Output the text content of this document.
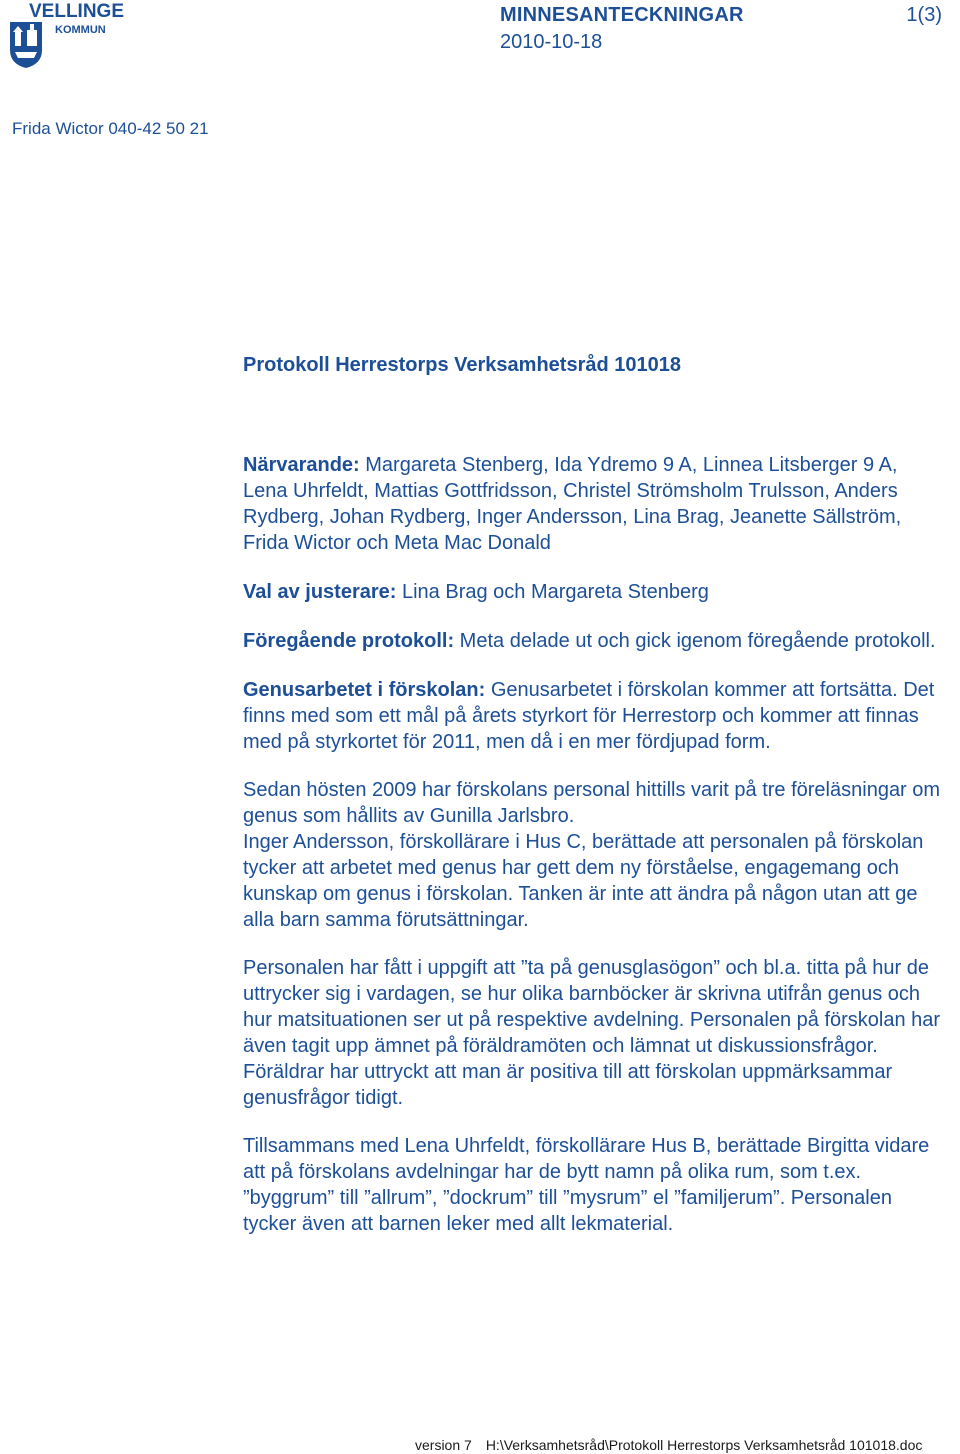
VELLINGE
KOMMUN
MINNESANTECKNINGAR	1(3)
2010-10-18
Frida Wictor 040-42 50 21
Protokoll Herrestorps Verksamhetsråd 101018

Närvarande: Margareta Stenberg, Ida Ydremo 9 A, Linnea Litsberger 9 A, Lena Uhrfeldt, Mattias Gottfridsson, Christel Strömsholm Trulsson, Anders Rydberg, Johan Rydberg, Inger Andersson, Lina Brag, Jeanette Sällström, Frida Wictor och Meta Mac Donald

Val av justerare: Lina Brag och Margareta Stenberg

Föregående protokoll: Meta delade ut och gick igenom föregående protokoll.

Genusarbetet i förskolan: Genusarbetet i förskolan kommer att fortsätta. Det finns med som ett mål på årets styrkort för Herrestorp och kommer att finnas med på styrkortet för 2011, men då i en mer fördjupad form.

Sedan hösten 2009 har förskolans personal hittills varit på tre föreläsningar om genus som hållits av Gunilla Jarlsbro.

Inger Andersson, förskollärare i Hus C, berättade att personalen på förskolan tycker att arbetet med genus har gett dem ny förståelse, engagemang och kunskap om genus i förskolan. Tanken är inte att ändra på någon utan att ge alla barn samma förutsättningar.

Personalen har fått i uppgift att ”ta på genusglasögon” och bl.a. titta på hur de uttrycker sig i vardagen, se hur olika barnböcker är skrivna utifrån genus och hur matsituationen ser ut på respektive avdelning. Personalen på förskolan har även tagit upp ämnet på föräldramöten och lämnat ut diskussionsfrågor. Föräldrar har uttryckt att man är positiva till att förskolan uppmärksammar genusfrågor tidigt.

Tillsammans med Lena Uhrfeldt, förskollärare Hus B, berättade Birgitta vidare att på förskolans avdelningar har de bytt namn på olika rum, som t.ex. ”byggrum” till ”allrum”, ”dockrum” till ”mysrum” el ”familjerum”. Personalen tycker även att barnen leker med allt lekmaterial.

version 7 H:\Verksamhetsråd\Protokoll Herrestorps Verksamhetsråd 101018.doc
